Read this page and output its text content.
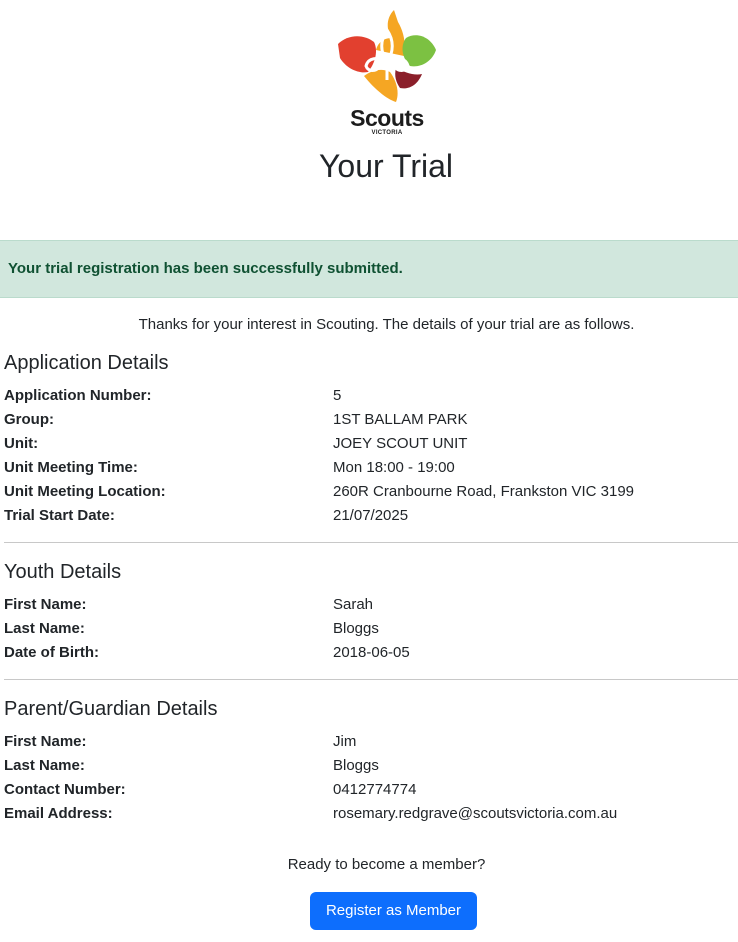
Scouts
VICTORIA
Your Trial
Your trial registration has been successfully submitted.

Thanks for your interest in Scouting. The details of your trial are as follows.

Application Details
Application Number:	5
Group:	1ST BALLAM PARK
Unit:	JOEY SCOUT UNIT
Unit Meeting Time:	Mon 18:00 - 19:00
Unit Meeting Location:	260R Cranbourne Road, Frankston VIC 3199
Trial Start Date:	21/07/2025
Youth Details
First Name:	Sarah
Last Name:	Bloggs
Date of Birth:	2018-06-05
Parent/Guardian Details
First Name:	Jim
Last Name:	Bloggs
Contact Number:	0412774774
Email Address:	rosemary.redgrave@scoutsvictoria.com.au

Ready to become a member?

Register as Member
